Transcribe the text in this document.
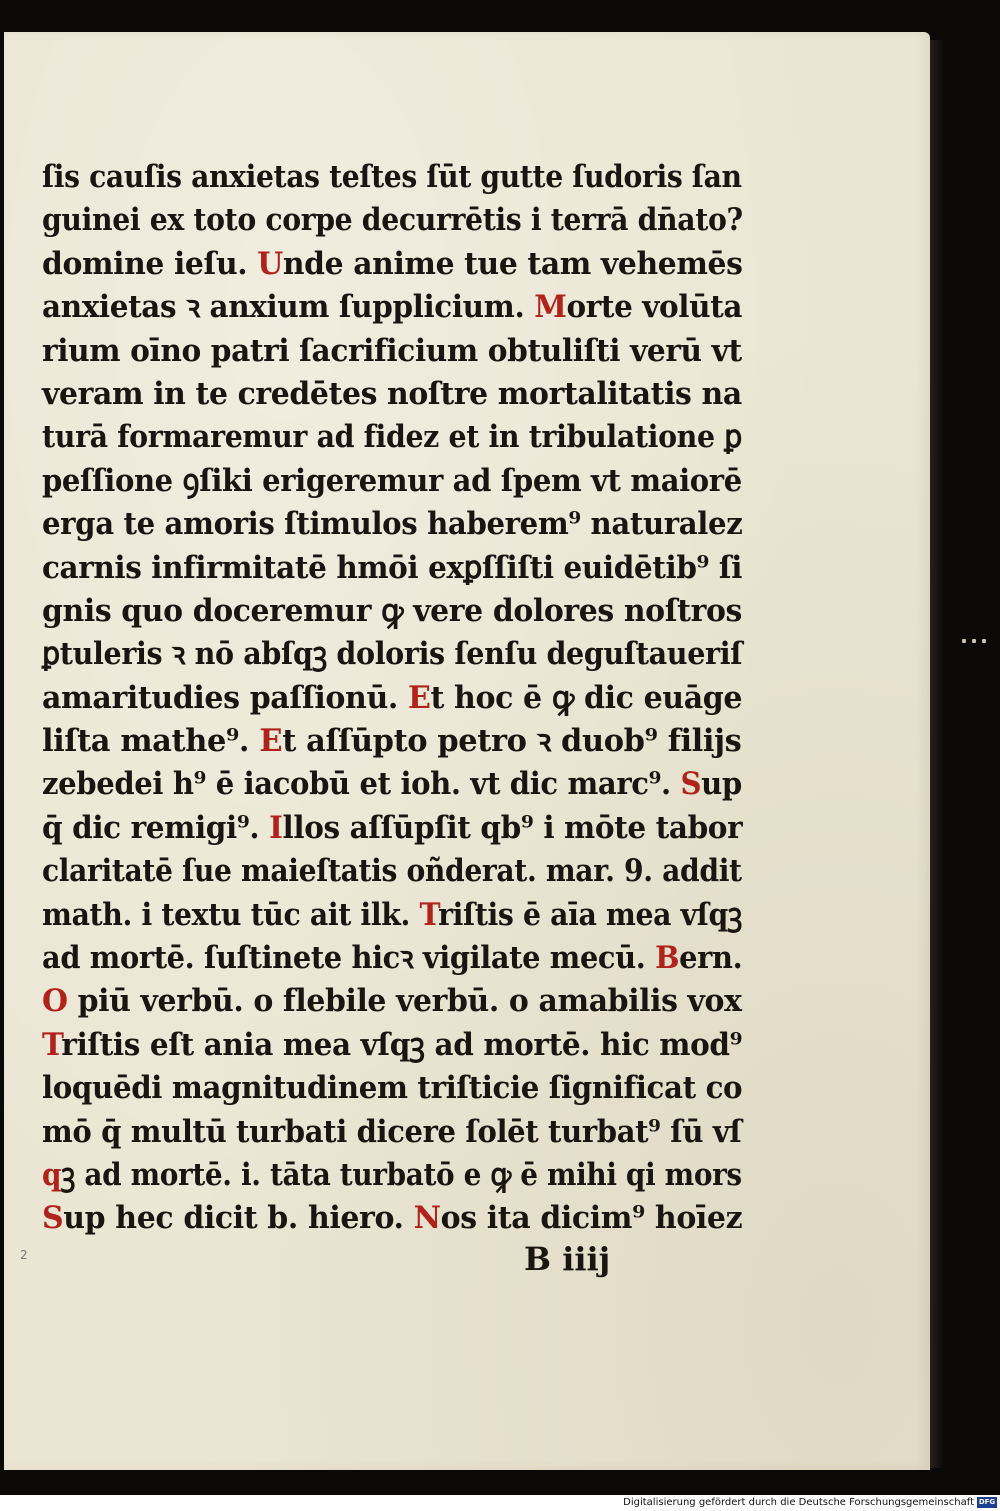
2
ſis cauſis anxietas teſtes ſūt gutte ſudoris ſan
guinei ex toto corpe decurrētis i terrā dn̄ato?
domine ieſu. Unde anime tue tam vehemēs
anxietas ꝛ anxium ſupplicium. Morte volūta
rium oīno patri ſacrificium obtuliſti verū vt
veram in te credētes noſtre mortalitatis na
turā formaremur ad fidez et in tribulatione ꝑ
peſſione ꝯſiki erigeremur ad ſpem vt maiorē
erga te amoris ſtimulos haberem⁹ naturalez
carnis infirmitatē hmōi exꝑſſiſti euidētib⁹ ſi
gnis quo doceremur ꝙ vere dolores noſtros
ꝑtuleris ꝛ nō abſqꝫ doloris ſenſu deguſtaueriſ
amaritudies paſſionū. Et hoc ē ꝙ dic euāge
liſta mathe⁹. Et aſſūpto petro ꝛ duob⁹ filijs
zebedei h⁹ ē iacobū et ioh. vt dic marc⁹. Sup
q̄ dic remigi⁹. Illos aſſūpſit qb⁹ i mōte tabor
claritatē ſue maieſtatis oñderat. mar. 9. addit
math. i textu tūc ait ilk. Triſtis ē aīa mea vſqꝫ
ad mortē. ſuſtinete hicꝛ vigilate mecū. Bern.
O piū verbū. o flebile verbū. o amabilis vox
Triſtis eſt ania mea vſqꝫ ad mortē. hic mod⁹
loquēdi magnitudinem triſticie ſignificat co
mō q̄ multū turbati dicere ſolēt turbat⁹ ſū vſ
qꝫ ad mortē. i. tāta turbatō e ꝙ ē mihi qi mors
Sup hec dicit b. hiero. Nos ita dicim⁹ hoīez
B iiij
Digitalisierung gefördert durch die Deutsche Forschungsgemeinschaft DFG
